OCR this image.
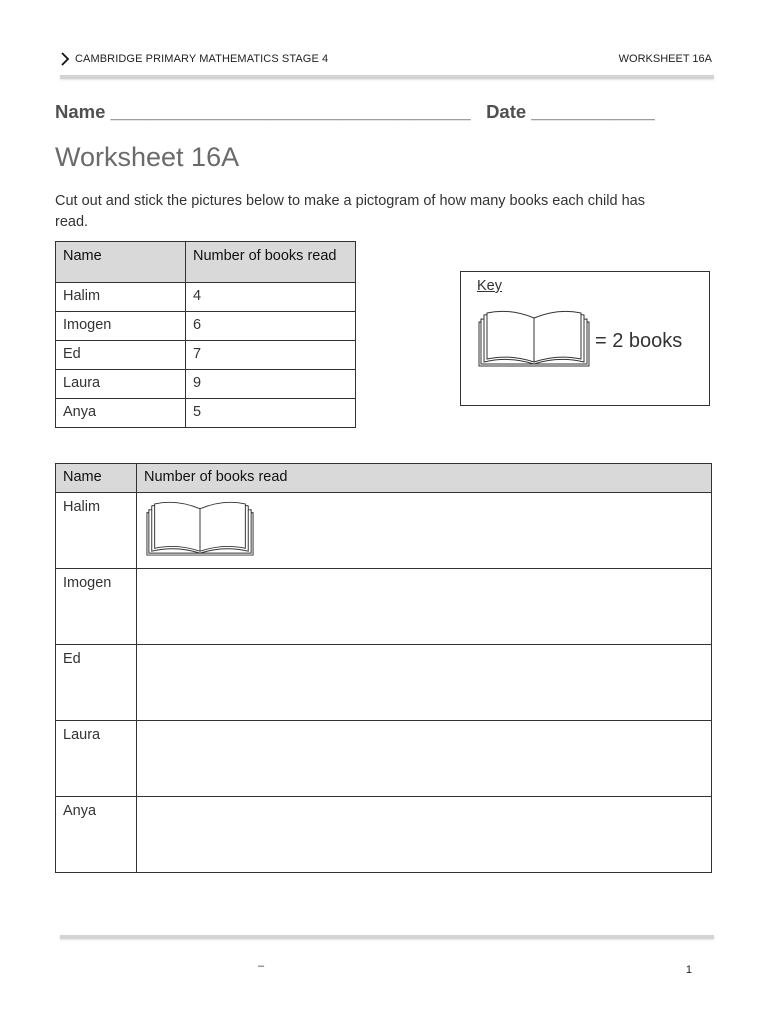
CAMBRIDGE PRIMARY MATHEMATICS STAGE 4	WORKSHEET 16A
Name ___________________________________ Date ____________
Worksheet 16A
Cut out and stick the pictures below to make a pictogram of how many books each child has read.
Name	Number of books read
Halim	4
Imogen	6
Ed	7
Laura	9
Anya	5
Key
= 2 books
Name	Number of books read
Halim	

Imogen	
Ed	
Laura	
Anya	
–	1
